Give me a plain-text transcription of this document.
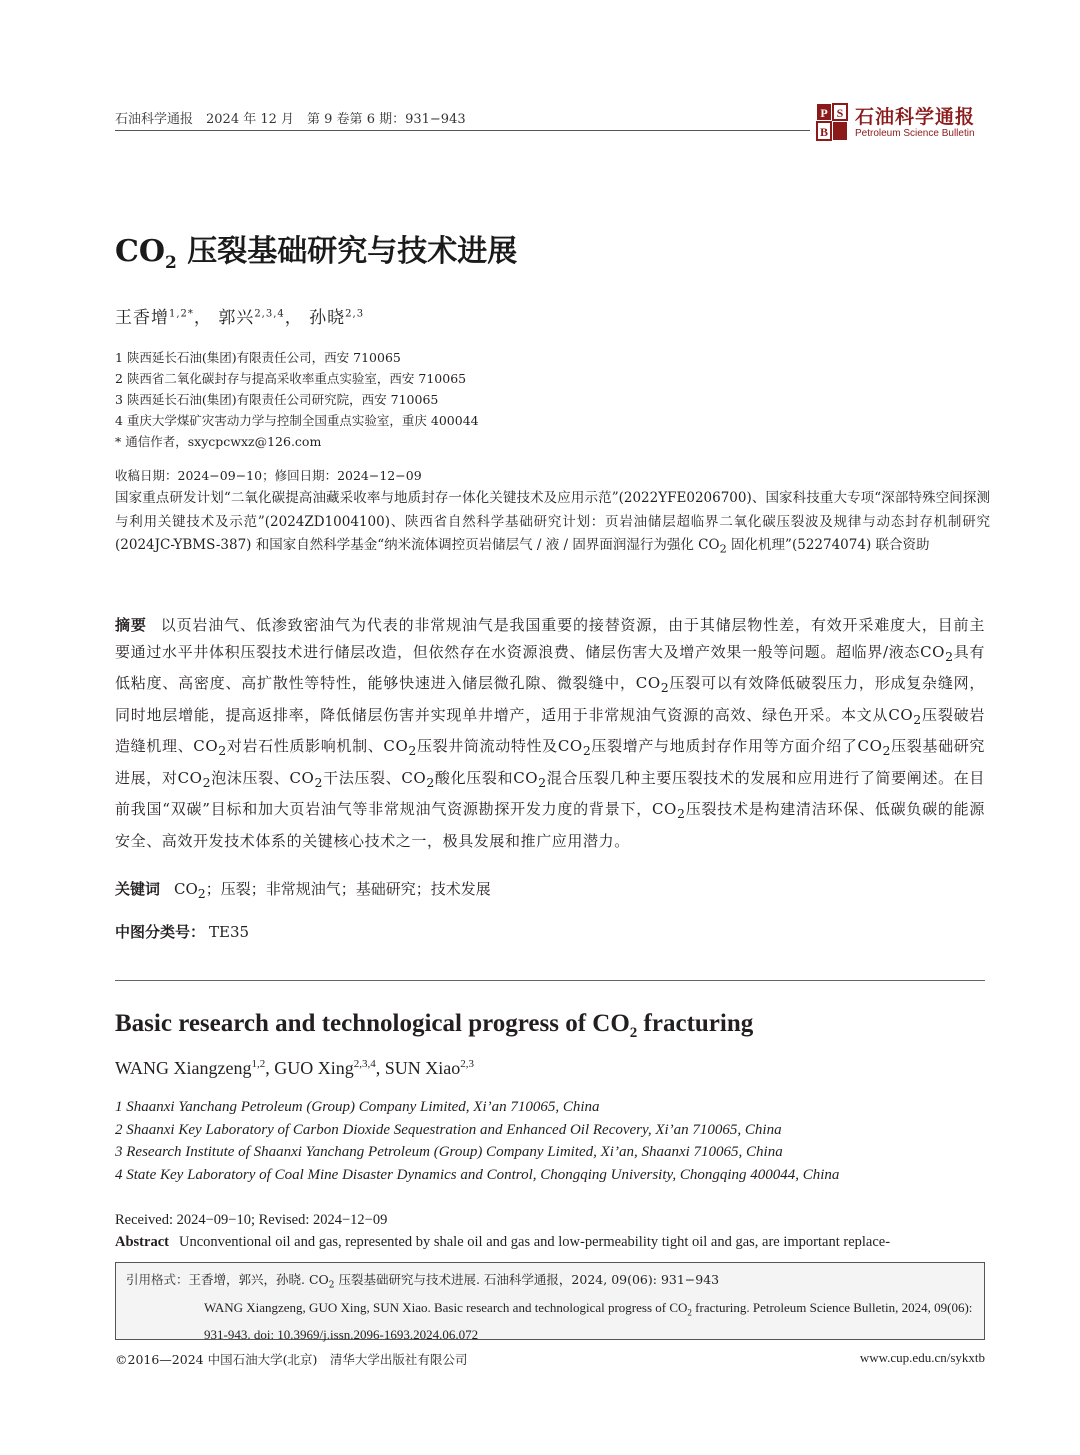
石油科学通报　2024 年 12 月　第 9 卷第 6 期：931−943	P S
B
石油科学通报
Petroleum Science Bulletin
$CO_2$ 压裂基础研究与技术进展
王香增$^{1,2*}$， 郭兴$^{2,3,4}$， 孙晓$^{2,3}$
1 陕西延长石油(集团)有限责任公司，西安 710065
2 陕西省二氧化碳封存与提高采收率重点实验室，西安 710065
3 陕西延长石油(集团)有限责任公司研究院，西安 710065
4 重庆大学煤矿灾害动力学与控制全国重点实验室，重庆 400044
* 通信作者，sxycpcwxz@126.com
收稿日期：2024−09−10；修回日期：2024−12−09
国家重点研发计划“二氧化碳提高油藏采收率与地质封存一体化关键技术及应用示范”(2022YFE0206700)、国家科技重大专项“深部特殊空间探测与利用关键技术及示范”(2024ZD1004100)、陕西省自然科学基础研究计划：页岩油储层超临界二氧化碳压裂波及规律与动态封存机制研究 (2024JC-YBMS-387) 和国家自然科学基金“纳米流体调控页岩储层气 / 液 / 固界面润湿行为强化 $CO_2$ 固化机理”(52274074) 联合资助
摘要 以页岩油气、低渗致密油气为代表的非常规油气是我国重要的接替资源，由于其储层物性差，有效开采难度大，目前主要通过水平井体积压裂技术进行储层改造，但依然存在水资源浪费、储层伤害大及增产效果一般等问题。超临界/液态$CO_2$具有低粘度、高密度、高扩散性等特性，能够快速进入储层微孔隙、微裂缝中，$CO_2$压裂可以有效降低破裂压力，形成复杂缝网，同时地层增能，提高返排率，降低储层伤害并实现单井增产，适用于非常规油气资源的高效、绿色开采。本文从$CO_2$压裂破岩造缝机理、$CO_2$对岩石性质影响机制、$CO_2$压裂井筒流动特性及$CO_2$压裂增产与地质封存作用等方面介绍了$CO_2$压裂基础研究进展，对$CO_2$泡沫压裂、$CO_2$干法压裂、$CO_2$酸化压裂和$CO_2$混合压裂几种主要压裂技术的发展和应用进行了简要阐述。在目前我国“双碳”目标和加大页岩油气等非常规油气资源勘探开发力度的背景下，$CO_2$压裂技术是构建清洁环保、低碳负碳的能源安全、高效开发技术体系的关键核心技术之一，极具发展和推广应用潜力。
关键词 $CO_2$；压裂；非常规油气；基础研究；技术发展
中图分类号： TE35
Basic research and technological progress of $CO_2$ fracturing
WANG Xiangzeng$^{1,2}$, GUO Xing$^{2,3,4}$, SUN Xiao$^{2,3}$
1 Shaanxi Yanchang Petroleum (Group) Company Limited, Xi’an 710065, China
2 Shaanxi Key Laboratory of Carbon Dioxide Sequestration and Enhanced Oil Recovery, Xi’an 710065, China
3 Research Institute of Shaanxi Yanchang Petroleum (Group) Company Limited, Xi’an, Shaanxi 710065, China
4 State Key Laboratory of Coal Mine Disaster Dynamics and Control, Chongqing University, Chongqing 400044, China
Received: 2024−09−10; Revised: 2024−12−09
Abstract Unconventional oil and gas, represented by shale oil and gas and low-permeability tight oil and gas, are important replace-
引用格式：王香增，郭兴，孙晓. $CO_2$ 压裂基础研究与技术进展. 石油科学通报，2024, 09(06): 931−943
WANG Xiangzeng, GUO Xing, SUN Xiao. Basic research and technological progress of $CO_2$ fracturing. Petroleum Science Bulletin, 2024, 09(06): 931-943. doi: 10.3969/j.issn.2096-1693.2024.06.072
©2016—2024 中国石油大学(北京)　清华大学出版社有限公司	www.cup.edu.cn/sykxtb
